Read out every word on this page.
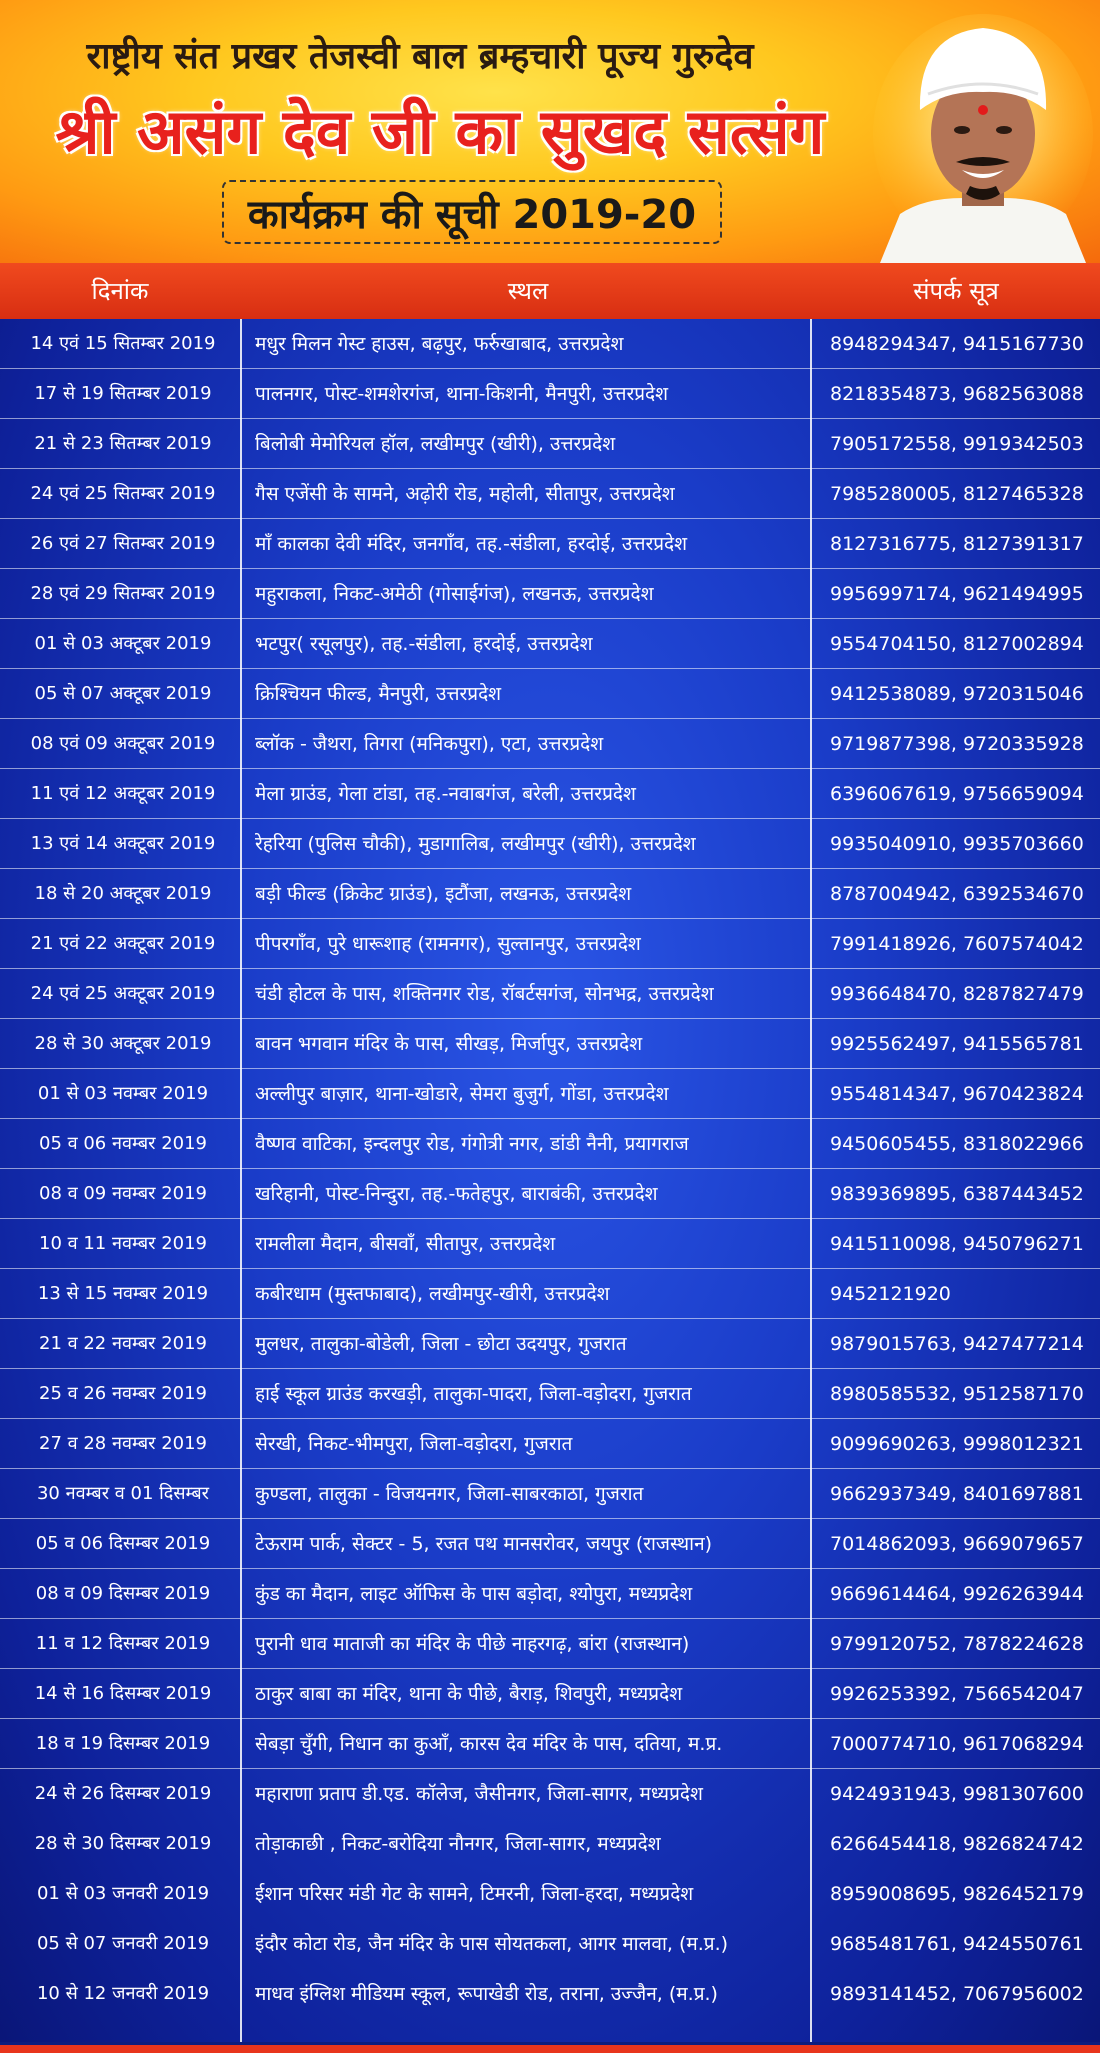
राष्ट्रीय संत प्रखर तेजस्वी बाल ब्रम्हचारी पूज्य गुरुदेव
श्री असंग देव जी का सुखद सत्संग
कार्यक्रम की सूची 2019-20
दिनांक	स्थल	संपर्क सूत्र
14 एवं 15 सितम्बर 2019	मधुर मिलन गेस्ट हाउस, बढ़पुर, फर्रुखाबाद, उत्तरप्रदेश	8948294347, 9415167730
17 से 19 सितम्बर 2019	पालनगर, पोस्ट-शमशेरगंज, थाना-किशनी, मैनपुरी, उत्तरप्रदेश	8218354873, 9682563088
21 से 23 सितम्बर 2019	बिलोबी मेमोरियल हॉल, लखीमपुर (खीरी), उत्तरप्रदेश	7905172558, 9919342503
24 एवं 25 सितम्बर 2019	गैस एजेंसी के सामने, अढ़ोरी रोड, महोली, सीतापुर, उत्तरप्रदेश	7985280005, 8127465328
26 एवं 27 सितम्बर 2019	माँ कालका देवी मंदिर, जनगाँव, तह.-संडीला, हरदोई, उत्तरप्रदेश	8127316775, 8127391317
28 एवं 29 सितम्बर 2019	महुराकला, निकट-अमेठी (गोसाईगंज), लखनऊ, उत्तरप्रदेश	9956997174, 9621494995
01 से 03 अक्टूबर 2019	भटपुर( रसूलपुर), तह.-संडीला, हरदोई, उत्तरप्रदेश	9554704150, 8127002894
05 से 07 अक्टूबर 2019	क्रिश्चियन फील्ड, मैनपुरी, उत्तरप्रदेश	9412538089, 9720315046
08 एवं 09 अक्टूबर 2019	ब्लॉक - जैथरा, तिगरा (मनिकपुरा), एटा, उत्तरप्रदेश	9719877398, 9720335928
11 एवं 12 अक्टूबर 2019	मेला ग्राउंड, गेला टांडा, तह.-नवाबगंज, बरेली, उत्तरप्रदेश	6396067619, 9756659094
13 एवं 14 अक्टूबर 2019	रेहरिया (पुलिस चौकी), मुडागालिब, लखीमपुर (खीरी), उत्तरप्रदेश	9935040910, 9935703660
18 से 20 अक्टूबर 2019	बड़ी फील्ड (क्रिकेट ग्राउंड), इटौंजा, लखनऊ, उत्तरप्रदेश	8787004942, 6392534670
21 एवं 22 अक्टूबर 2019	पीपरगाँव, पुरे धारूशाह (रामनगर), सुल्तानपुर, उत्तरप्रदेश	7991418926, 7607574042
24 एवं 25 अक्टूबर 2019	चंडी होटल के पास, शक्तिनगर रोड, रॉबर्टसगंज, सोनभद्र, उत्तरप्रदेश	9936648470, 8287827479
28 से 30 अक्टूबर 2019	बावन भगवान मंदिर के पास, सीखड़, मिर्जापुर, उत्तरप्रदेश	9925562497, 9415565781
01 से 03 नवम्बर 2019	अल्लीपुर बाज़ार, थाना-खोडारे, सेमरा बुजुर्ग, गोंडा, उत्तरप्रदेश	9554814347, 9670423824
05 व 06 नवम्बर 2019	वैष्णव वाटिका, इन्दलपुर रोड, गंगोत्री नगर, डांडी नैनी, प्रयागराज	9450605455, 8318022966
08 व 09 नवम्बर 2019	खरिहानी, पोस्ट-निन्दुरा, तह.-फतेहपुर, बाराबंकी, उत्तरप्रदेश	9839369895, 6387443452
10 व 11 नवम्बर 2019	रामलीला मैदान, बीसवाँ, सीतापुर, उत्तरप्रदेश	9415110098, 9450796271
13 से 15 नवम्बर 2019	कबीरधाम (मुस्तफाबाद), लखीमपुर-खीरी, उत्तरप्रदेश	9452121920
21 व 22 नवम्बर 2019	मुलधर, तालुका-बोडेली, जिला - छोटा उदयपुर, गुजरात	9879015763, 9427477214
25 व 26 नवम्बर 2019	हाई स्कूल ग्राउंड करखड़ी, तालुका-पादरा, जिला-वड़ोदरा, गुजरात	8980585532, 9512587170
27 व 28 नवम्बर 2019	सेरखी, निकट-भीमपुरा, जिला-वड़ोदरा, गुजरात	9099690263, 9998012321
30 नवम्बर व 01 दिसम्बर	कुण्डला, तालुका - विजयनगर, जिला-साबरकाठा, गुजरात	9662937349, 8401697881
05 व 06 दिसम्बर 2019	टेऊराम पार्क, सेक्टर - 5, रजत पथ मानसरोवर, जयपुर (राजस्थान)	7014862093, 9669079657
08 व 09 दिसम्बर 2019	कुंड का मैदान, लाइट ऑफिस के पास बड़ोदा, श्योपुरा, मध्यप्रदेश	9669614464, 9926263944
11 व 12 दिसम्बर 2019	पुरानी धाव माताजी का मंदिर के पीछे नाहरगढ़, बांरा (राजस्थान)	9799120752, 7878224628
14 से 16 दिसम्बर 2019	ठाकुर बाबा का मंदिर, थाना के पीछे, बैराड़, शिवपुरी, मध्यप्रदेश	9926253392, 7566542047
18 व 19 दिसम्बर 2019	सेबड़ा चुँगी, निधान का कुआँ, कारस देव मंदिर के पास, दतिया, म.प्र.	7000774710, 9617068294
24 से 26 दिसम्बर 2019	महाराणा प्रताप डी.एड. कॉलेज, जैसीनगर, जिला-सागर, मध्यप्रदेश	9424931943, 9981307600
28 से 30 दिसम्बर 2019	तोड़ाकाछी , निकट-बरोदिया नौनगर, जिला-सागर, मध्यप्रदेश	6266454418, 9826824742
01 से 03 जनवरी 2019	ईशान परिसर मंडी गेट के सामने, टिमरनी, जिला-हरदा, मध्यप्रदेश	8959008695, 9826452179
05 से 07 जनवरी 2019	इंदौर कोटा रोड, जैन मंदिर के पास सोयतकला, आगर मालवा, (म.प्र.)	9685481761, 9424550761
10 से 12 जनवरी 2019	माधव इंग्लिश मीडियम स्कूल, रूपाखेडी रोड, तराना, उज्जैन, (म.प्र.)	9893141452, 7067956002
